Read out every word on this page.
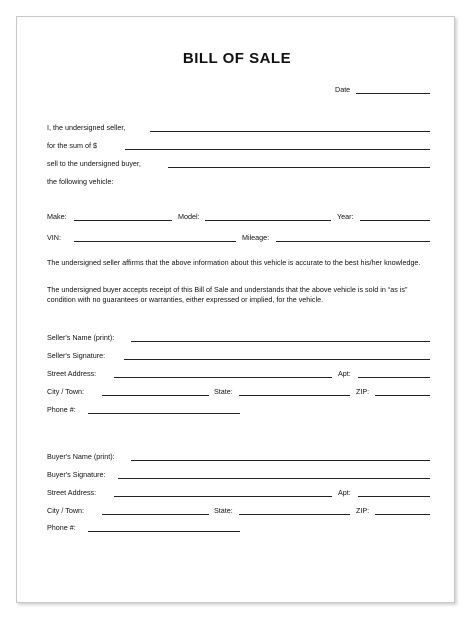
BILL OF SALE
Date
I, the undersigned seller,
for the sum of $
sell to the undersigned buyer,
the following vehicle:
Make:	Model:	Year:
VIN:	Mileage:
The undersigned seller affirms that the above information about this vehicle is accurate to the best his/her knowledge.
The undersigned buyer accepts receipt of this Bill of Sale and understands that the above vehicle is sold in “as is” condition with no guarantees or warranties, either expressed or implied, for the vehicle.
Seller's Name (print):
Seller's Signature:
Street Address:	Apt:
City / Town:	State:	ZIP:
Phone #:
Buyer's Name (print):
Buyer's Signature:
Street Address:	Apt:
City / Town:	State:	ZIP:
Phone #:
